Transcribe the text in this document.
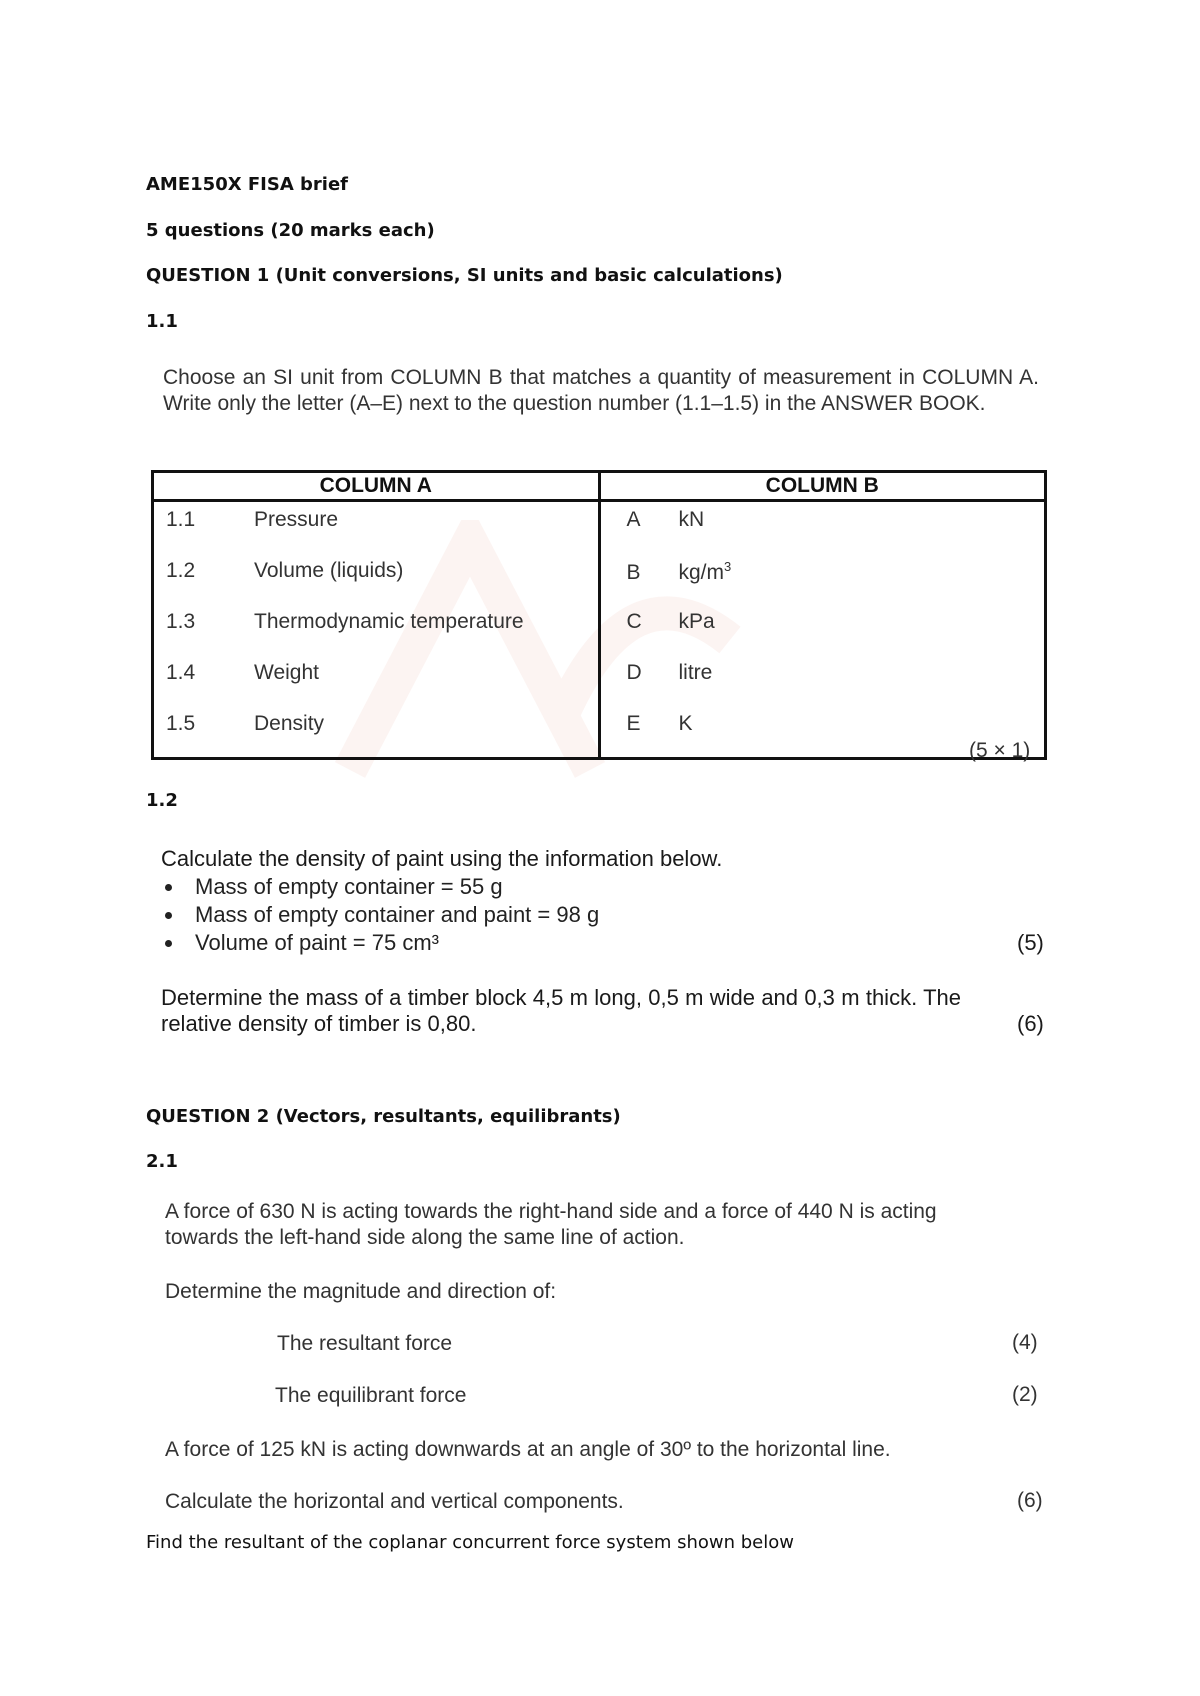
AME150X FISA brief
5 questions (20 marks each)
QUESTION 1 (Unit conversions, SI units and basic calculations)
1.1
Choose an SI unit from COLUMN B that matches a quantity of measurement in COLUMN A. Write only the letter (A–E) next to the question number (1.1–1.5) in the ANSWER BOOK.
COLUMN A	COLUMN B
1.1 Pressure	A kN
1.2 Volume (liquids)	B $kg/m^3$
1.3 Thermodynamic temperature	C kPa
1.4 Weight	D litre
1.5 Density	E K
(5 × 1)
1.2
Calculate the density of paint using the information below.
Mass of empty container = 55 g
Mass of empty container and paint = 98 g
Volume of paint = 75 cm³	(5)
Determine the mass of a timber block 4,5 m long, 0,5 m wide and 0,3 m thick. The relative density of timber is 0,80.	(6)
QUESTION 2 (Vectors, resultants, equilibrants)
2.1
A force of 630 N is acting towards the right-hand side and a force of 440 N is acting towards the left-hand side along the same line of action.
Determine the magnitude and direction of:
The resultant force	(4)
The equilibrant force	(2)
A force of 125 kN is acting downwards at an angle of 30º to the horizontal line.
Calculate the horizontal and vertical components.	(6)
Find the resultant of the coplanar concurrent force system shown below
